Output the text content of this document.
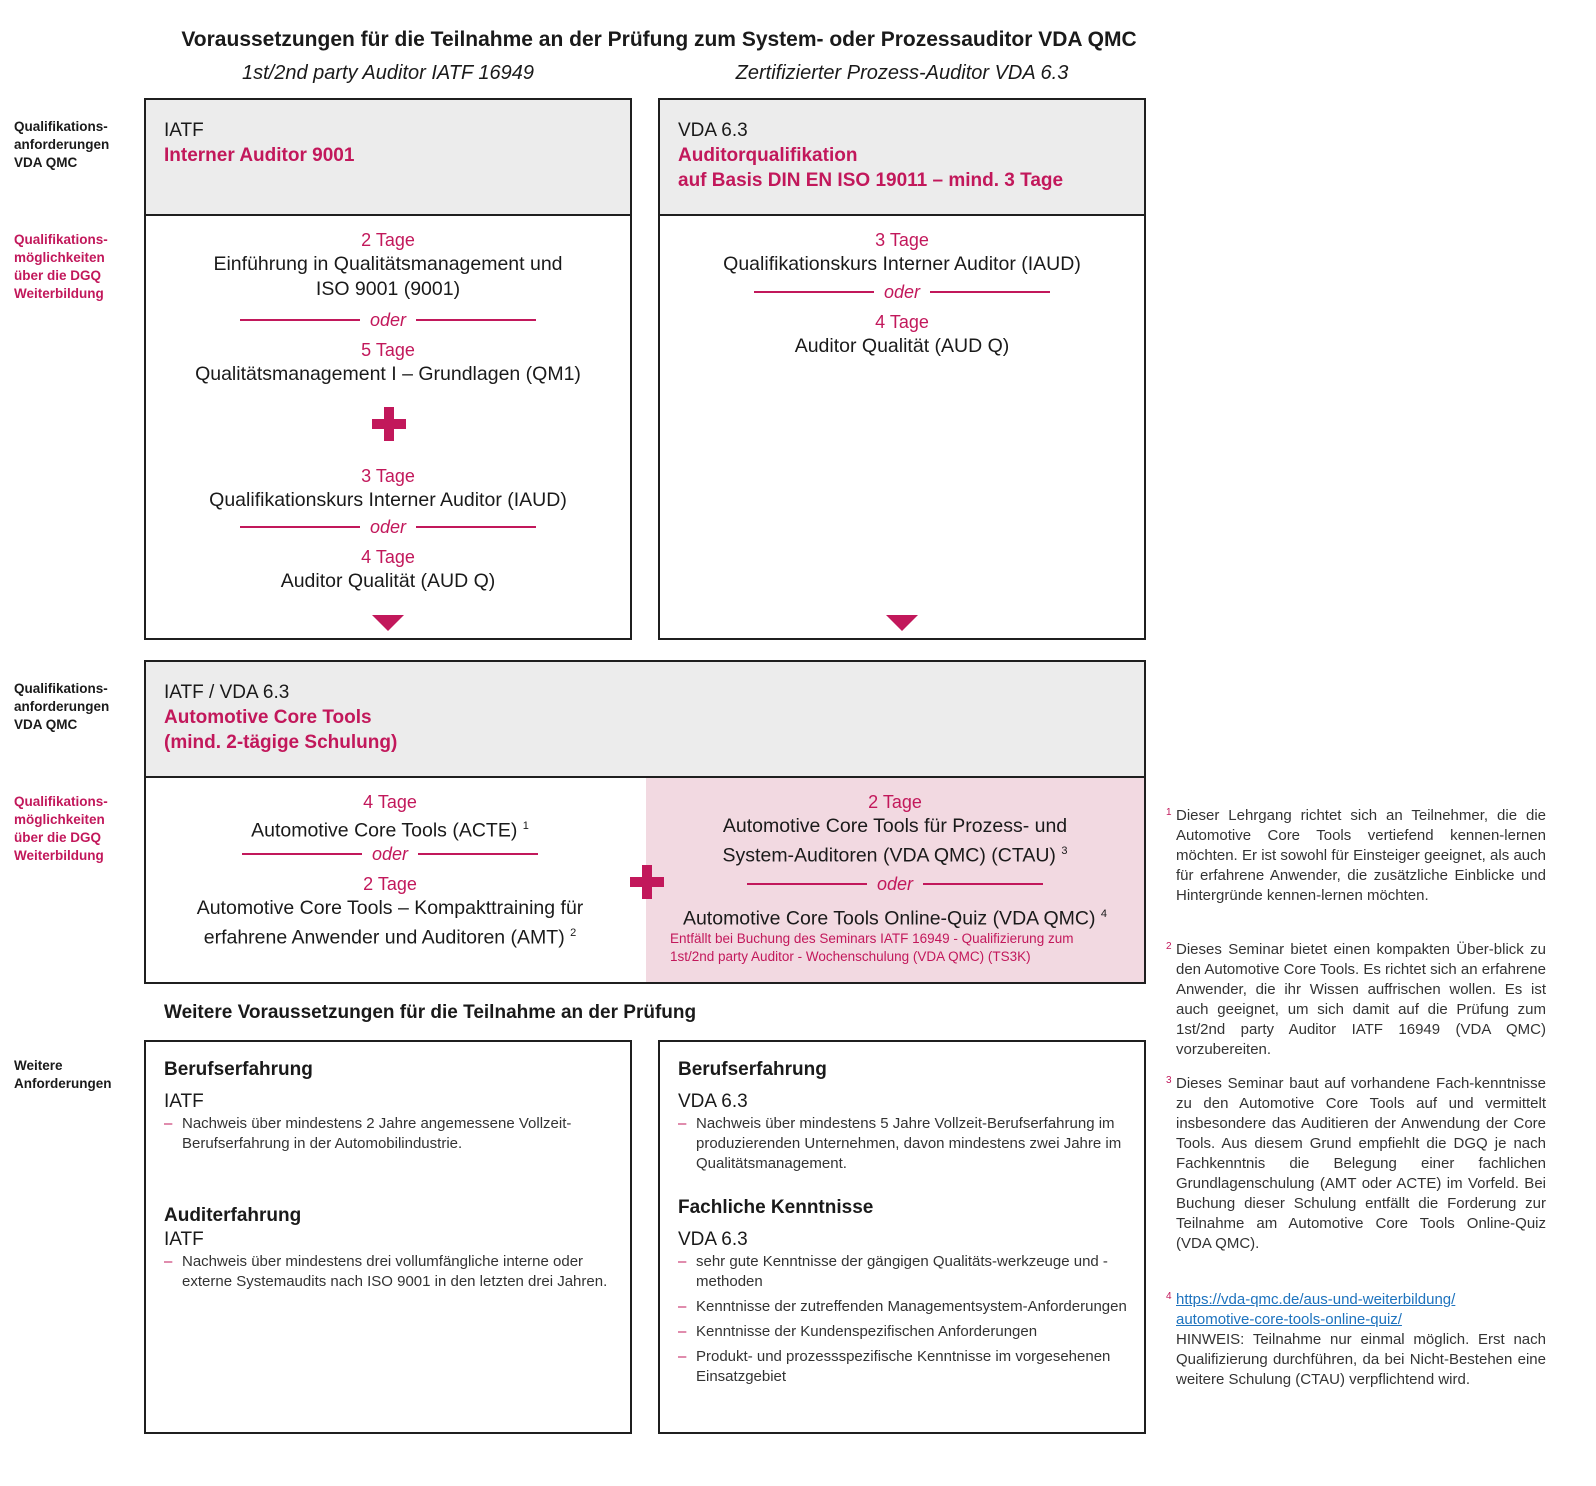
Voraussetzungen für die Teilnahme an der Prüfung zum System- oder Prozessauditor VDA QMC
1st/2nd party Auditor IATF 16949	Zertifizierter Prozess-Auditor VDA 6.3
Qualifikations-
anforderungen
VDA QMC
Qualifikations-
möglichkeiten
über die DGQ
Weiterbildung
Qualifikations-
anforderungen
VDA QMC
Qualifikations-
möglichkeiten
über die DGQ
Weiterbildung
Weitere
Anforderungen
IATF
Interner Auditor 9001
2 Tage
Einführung in Qualitätsmanagement und
ISO 9001 (9001)
oder
5 Tage
Qualitätsmanagement I – Grundlagen (QM1)
3 Tage
Qualifikationskurs Interner Auditor (IAUD)
oder
4 Tage
Auditor Qualität (AUD Q)
VDA 6.3
Auditorqualifikation
auf Basis DIN EN ISO 19011 – mind. 3 Tage
3 Tage
Qualifikationskurs Interner Auditor (IAUD)
oder
4 Tage
Auditor Qualität (AUD Q)
IATF / VDA 6.3
Automotive Core Tools
(mind. 2-tägige Schulung)
4 Tage
Automotive Core Tools (ACTE) $^1$
oder
2 Tage
Automotive Core Tools – Kompakttraining für
erfahrene Anwender und Auditoren (AMT) $^2$
2 Tage
Automotive Core Tools für Prozess- und
System-Auditoren (VDA QMC) (CTAU) $^3$
oder
Automotive Core Tools Online-Quiz (VDA QMC) $^4$
Entfällt bei Buchung des Seminars IATF 16949 - Qualifizierung zum
1st/2nd party Auditor - Wochenschulung (VDA QMC) (TS3K)
Weitere Voraussetzungen für die Teilnahme an der Prüfung
Berufserfahrung
IATF
– Nachweis über mindestens 2 Jahre angemessene Vollzeit-Berufserfahrung in der Automobilindustrie.
Auditerfahrung
IATF
– Nachweis über mindestens drei vollumfängliche interne oder externe Systemaudits nach ISO 9001 in den letzten drei Jahren.
Berufserfahrung
VDA 6.3
– Nachweis über mindestens 5 Jahre Vollzeit-Berufserfahrung im produzierenden Unternehmen, davon mindestens zwei Jahre im Qualitätsmanagement.
Fachliche Kenntnisse
VDA 6.3
– sehr gute Kenntnisse der gängigen Qualitäts-werkzeuge und -methoden
– Kenntnisse der zutreffenden Managementsystem-Anforderungen
– Kenntnisse der Kundenspezifischen Anforderungen
– Produkt- und prozessspezifische Kenntnisse im vorgesehenen Einsatzgebiet
1 Dieser Lehrgang richtet sich an Teilnehmer, die die Automotive Core Tools vertiefend kennen-lernen möchten. Er ist sowohl für Einsteiger geeignet, als auch für erfahrene Anwender, die zusätzliche Einblicke und Hintergründe kennen-lernen möchten.
2 Dieses Seminar bietet einen kompakten Über-blick zu den Automotive Core Tools. Es richtet sich an erfahrene Anwender, die ihr Wissen auffrischen wollen. Es ist auch geeignet, um sich damit auf die Prüfung zum 1st/2nd party Auditor IATF 16949 (VDA QMC) vorzubereiten.
3 Dieses Seminar baut auf vorhandene Fach-kenntnisse zu den Automotive Core Tools auf und vermittelt insbesondere das Auditieren der Anwendung der Core Tools. Aus diesem Grund empfiehlt die DGQ je nach Fachkenntnis die Belegung einer fachlichen Grundlagenschulung (AMT oder ACTE) im Vorfeld. Bei Buchung dieser Schulung entfällt die Forderung zur Teilnahme am Automotive Core Tools Online-Quiz (VDA QMC).
4 https://vda-qmc.de/aus-und-weiterbildung/
automotive-core-tools-online-quiz/
HINWEIS: Teilnahme nur einmal möglich. Erst nach Qualifizierung durchführen, da bei Nicht-Bestehen eine weitere Schulung (CTAU) verpflichtend wird.
